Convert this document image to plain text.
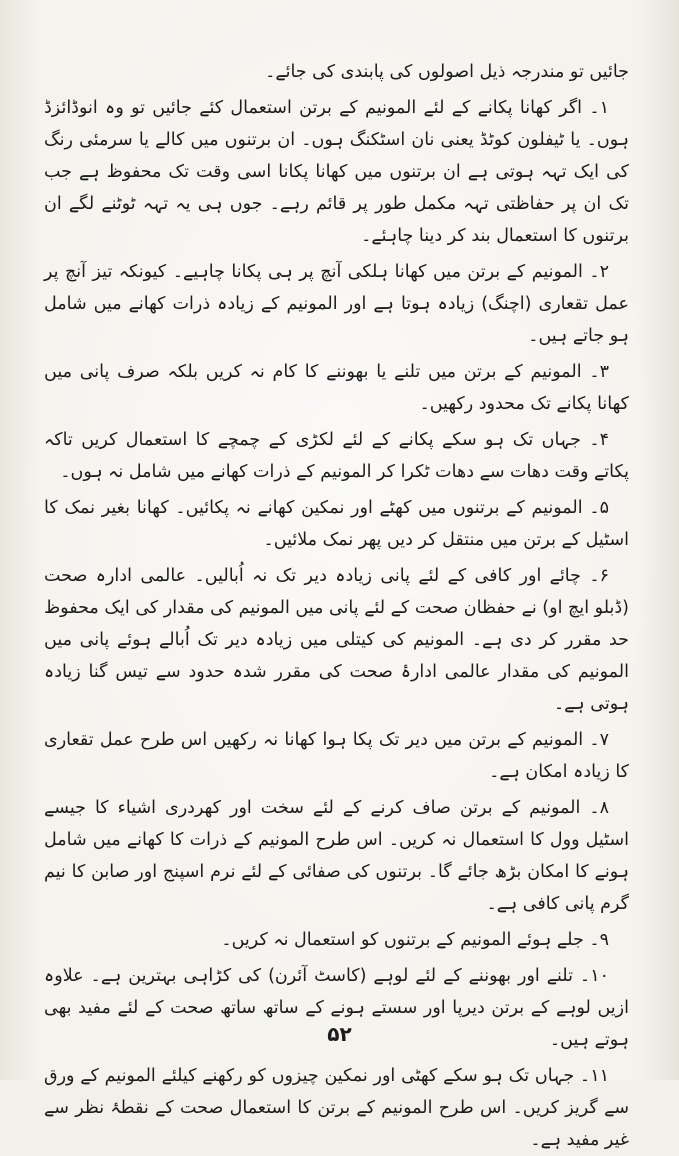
جائیں تو مندرجہ ذیل اصولوں کی پابندی کی جائے۔

۱۔ اگر کھانا پکانے کے لئے المونیم کے برتن استعمال کئے جائیں تو وہ انوڈائزڈ ہوں۔ یا ٹیفلون کوٹڈ یعنی نان اسٹکنگ ہوں۔ ان برتنوں میں کالے یا سرمئی رنگ کی ایک تہہ ہوتی ہے ان برتنوں میں کھانا پکانا اسی وقت تک محفوظ ہے جب تک ان پر حفاظتی تہہ مکمل طور پر قائم رہے۔ جوں ہی یہ تہہ ٹوٹنے لگے ان برتنوں کا استعمال بند کر دینا چاہئے۔

۲۔ المونیم کے برتن میں کھانا ہلکی آنچ پر ہی پکانا چاہیے۔ کیونکہ تیز آنچ پر عمل تقعاری (اچنگ) زیادہ ہوتا ہے اور المونیم کے زیادہ ذرات کھانے میں شامل ہو جاتے ہیں۔

۳۔ المونیم کے برتن میں تلنے یا بھوننے کا کام نہ کریں بلکہ صرف پانی میں کھانا پکانے تک محدود رکھیں۔

۴۔ جہاں تک ہو سکے پکانے کے لئے لکڑی کے چمچے کا استعمال کریں تاکہ پکاتے وقت دھات سے دھات ٹکرا کر المونیم کے ذرات کھانے میں شامل نہ ہوں۔

۵۔ المونیم کے برتنوں میں کھٹے اور نمکین کھانے نہ پکائیں۔ کھانا بغیر نمک کا اسٹیل کے برتن میں منتقل کر دیں پھر نمک ملائیں۔

۶۔ چائے اور کافی کے لئے پانی زیادہ دیر تک نہ اُبالیں۔ عالمی ادارہ صحت (ڈبلو ایچ او) نے حفظان صحت کے لئے پانی میں المونیم کی مقدار کی ایک محفوظ حد مقرر کر دی ہے۔ المونیم کی کیتلی میں زیادہ دیر تک اُبالے ہوئے پانی میں المونیم کی مقدار عالمی ادارۂ صحت کی مقرر شدہ حدود سے تیس گنا زیادہ ہوتی ہے۔

۷۔ المونیم کے برتن میں دیر تک پکا ہوا کھانا نہ رکھیں اس طرح عمل تقعاری کا زیادہ امکان ہے۔

۸۔ المونیم کے برتن صاف کرنے کے لئے سخت اور کھردری اشیاء کا جیسے اسٹیل وول کا استعمال نہ کریں۔ اس طرح المونیم کے ذرات کا کھانے میں شامل ہونے کا امکان بڑھ جائے گا۔ برتنوں کی صفائی کے لئے نرم اسپنج اور صابن کا نیم گرم پانی کافی ہے۔

۹۔ جلے ہوئے المونیم کے برتنوں کو استعمال نہ کریں۔

۱۰۔ تلنے اور بھوننے کے لئے لوہے (کاسٹ آئرن) کی کڑاہی بہترین ہے۔ علاوہ ازیں لوہے کے برتن دیرپا اور سستے ہونے کے ساتھ ساتھ صحت کے لئے مفید بھی ہوتے ہیں۔

۱۱۔ جہاں تک ہو سکے کھٹی اور نمکین چیزوں کو رکھنے کیلئے المونیم کے ورق سے گریز کریں۔ اس طرح المونیم کے برتن کا استعمال صحت کے نقطۂ نظر سے غیر مفید ہے۔

۵۲
